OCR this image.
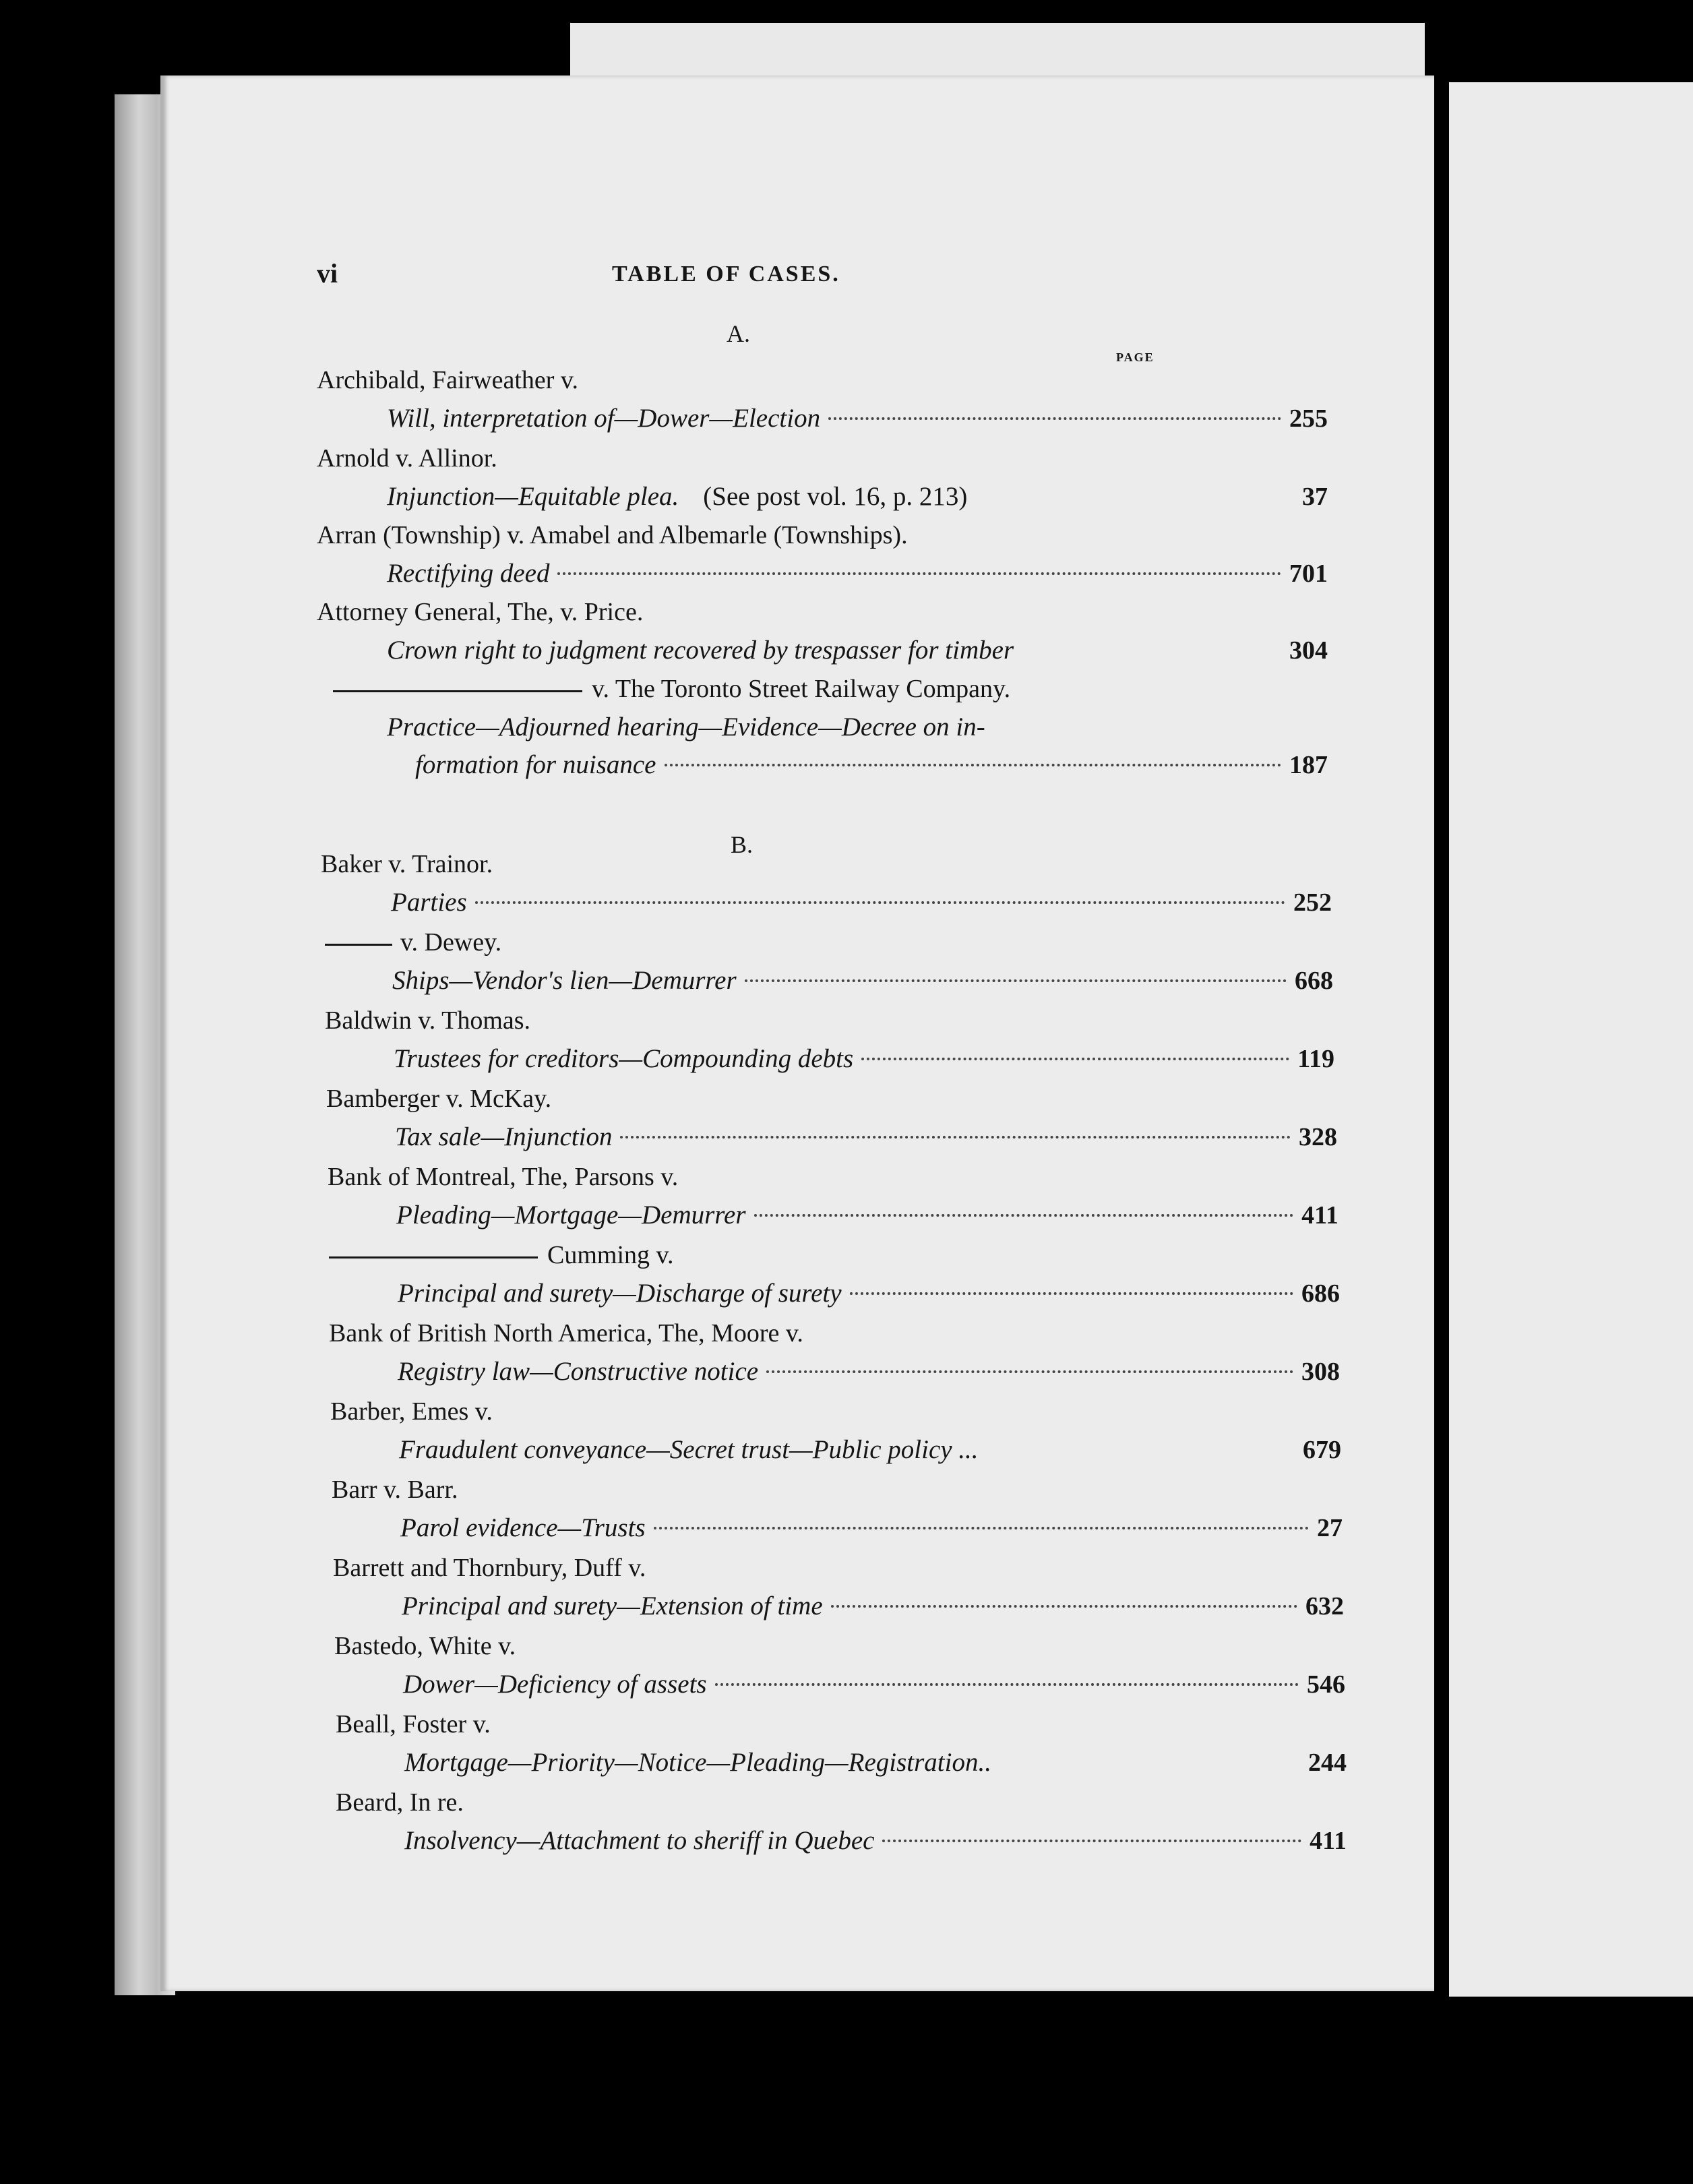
vi	TABLE OF CASES.
PAGE
A.
Archibald, Fairweather v.
Will, interpretation of—Dower—Election	255
Arnold v. Allinor.
Injunction—Equitable plea. (See post vol. 16, p. 213)	37
Arran (Township) v. Amabel and Albemarle (Townships).
Rectifying deed	701
Attorney General, The, v. Price.
Crown right to judgment recovered by trespasser for timber	304
v. The Toronto Street Railway Company.
Practice—Adjourned hearing—Evidence—Decree on in-
formation for nuisance	187
B.
Baker v. Trainor.
Parties	252
v. Dewey.
Ships—Vendor's lien—Demurrer	668
Baldwin v. Thomas.
Trustees for creditors—Compounding debts	119
Bamberger v. McKay.
Tax sale—Injunction	328
Bank of Montreal, The, Parsons v.
Pleading—Mortgage—Demurrer	411
Cumming v.
Principal and surety—Discharge of surety	686
Bank of British North America, The, Moore v.
Registry law—Constructive notice	308
Barber, Emes v.
Fraudulent conveyance—Secret trust—Public policy ...	679
Barr v. Barr.
Parol evidence—Trusts	27
Barrett and Thornbury, Duff v.
Principal and surety—Extension of time	632
Bastedo, White v.
Dower—Deficiency of assets	546
Beall, Foster v.
Mortgage—Priority—Notice—Pleading—Registration..	244
Beard, In re.
Insolvency—Attachment to sheriff in Quebec	411
